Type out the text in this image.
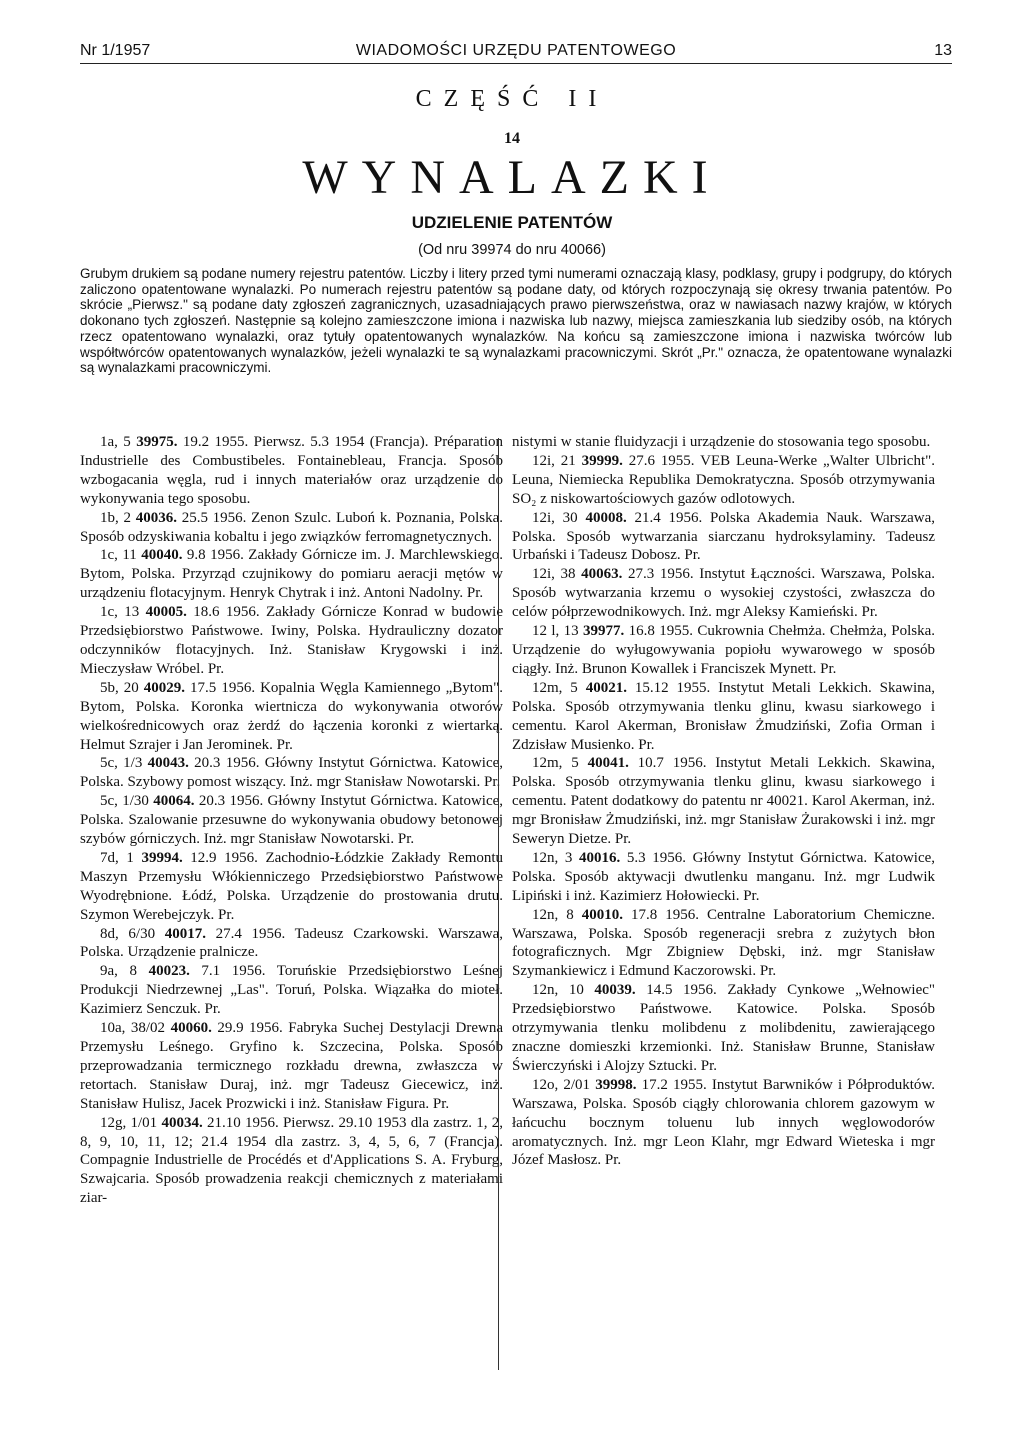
Nr 1/1957	WIADOMOŚCI URZĘDU PATENTOWEGO	13
CZĘŚĆ II
14
WYNALAZKI
UDZIELENIE PATENTÓW
(Od nru 39974 do nru 40066)
Grubym drukiem są podane numery rejestru patentów. Liczby i litery przed tymi numerami oznaczają klasy, podklasy, grupy i podgrupy, do których zaliczono opatentowane wynalazki. Po numerach rejestru patentów są podane daty, od których rozpoczynają się okresy trwania patentów. Po skrócie „Pierwsz." są podane daty zgłoszeń zagranicznych, uzasadniających prawo pierwszeństwa, oraz w nawiasach nazwy krajów, w których dokonano tych zgłoszeń. Następnie są kolejno zamieszczone imiona i nazwiska lub nazwy, miejsca zamieszkania lub siedziby osób, na których rzecz opatentowano wynalazki, oraz tytuły opatentowanych wynalazków. Na końcu są zamieszczone imiona i nazwiska twórców lub współtwórców opatentowanych wynalazków, jeżeli wynalazki te są wynalazkami pracowniczymi. Skrót „Pr." oznacza, że opatentowane wynalazki są wynalazkami pracowniczymi.

1a, 5 39975. 19.2 1955. Pierwsz. 5.3 1954 (Francja). Préparation Industrielle des Combustibeles. Fontainebleau, Francja. Sposób wzbogacania węgla, rud i innych materiałów oraz urządzenie do wykonywania tego sposobu.

1b, 2 40036. 25.5 1956. Zenon Szulc. Luboń k. Poznania, Polska. Sposób odzyskiwania kobaltu i jego związków ferromagnetycznych.

1c, 11 40040. 9.8 1956. Zakłady Górnicze im. J. Marchlewskiego. Bytom, Polska. Przyrząd czujnikowy do pomiaru aeracji mętów w urządzeniu flotacyjnym. Henryk Chytrak i inż. Antoni Nadolny. Pr.

1c, 13 40005. 18.6 1956. Zakłady Górnicze Konrad w budowie Przedsiębiorstwo Państwowe. Iwiny, Polska. Hydrauliczny dozator odczynników flotacyjnych. Inż. Stanisław Krygowski i inż. Mieczysław Wróbel. Pr.

5b, 20 40029. 17.5 1956. Kopalnia Węgla Kamiennego „Bytom". Bytom, Polska. Koronka wiertnicza do wykonywania otworów wielkośrednicowych oraz żerdź do łączenia koronki z wiertarką. Helmut Szrajer i Jan Jerominek. Pr.

5c, 1/3 40043. 20.3 1956. Główny Instytut Górnictwa. Katowice, Polska. Szybowy pomost wiszący. Inż. mgr Stanisław Nowotarski. Pr.

5c, 1/30 40064. 20.3 1956. Główny Instytut Górnictwa. Katowice, Polska. Szalowanie przesuwne do wykonywania obudowy betonowej szybów górniczych. Inż. mgr Stanisław Nowotarski. Pr.

7d, 1 39994. 12.9 1956. Zachodnio-Łódzkie Zakłady Remontu Maszyn Przemysłu Włókienniczego Przedsiębiorstwo Państwowe Wyodrębnione. Łódź, Polska. Urządzenie do prostowania drutu. Szymon Werebejczyk. Pr.

8d, 6/30 40017. 27.4 1956. Tadeusz Czarkowski. Warszawa, Polska. Urządzenie pralnicze.

9a, 8 40023. 7.1 1956. Toruńskie Przedsiębiorstwo Leśnej Produkcji Niedrzewnej „Las". Toruń, Polska. Wiązałka do mioteł. Kazimierz Senczuk. Pr.

10a, 38/02 40060. 29.9 1956. Fabryka Suchej Destylacji Drewna Przemysłu Leśnego. Gryfino k. Szczecina, Polska. Sposób przeprowadzania termicznego rozkładu drewna, zwłaszcza w retortach. Stanisław Duraj, inż. mgr Tadeusz Giecewicz, inż. Stanisław Hulisz, Jacek Prozwicki i inż. Stanisław Figura. Pr.

12g, 1/01 40034. 21.10 1956. Pierwsz. 29.10 1953 dla zastrz. 1, 2, 8, 9, 10, 11, 12; 21.4 1954 dla zastrz. 3, 4, 5, 6, 7 (Francja). Compagnie Industrielle de Procédés et d'Applications S. A. Fryburg, Szwajcaria. Sposób prowadzenia reakcji chemicznych z materiałami ziar-

nistymi w stanie fluidyzacji i urządzenie do stosowania tego sposobu.

12i, 21 39999. 27.6 1955. VEB Leuna-Werke „Walter Ulbricht". Leuna, Niemiecka Republika Demokratyczna. Sposób otrzymywania SO₂ z niskowartościowych gazów odlotowych.

12i, 30 40008. 21.4 1956. Polska Akademia Nauk. Warszawa, Polska. Sposób wytwarzania siarczanu hydroksylaminy. Tadeusz Urbański i Tadeusz Dobosz. Pr.

12i, 38 40063. 27.3 1956. Instytut Łączności. Warszawa, Polska. Sposób wytwarzania krzemu o wysokiej czystości, zwłaszcza do celów półprzewodnikowych. Inż. mgr Aleksy Kamieński. Pr.

12 l, 13 39977. 16.8 1955. Cukrownia Chełmża. Chełmża, Polska. Urządzenie do wyługowywania popiołu wywarowego w sposób ciągły. Inż. Brunon Kowallek i Franciszek Mynett. Pr.

12m, 5 40021. 15.12 1955. Instytut Metali Lekkich. Skawina, Polska. Sposób otrzymywania tlenku glinu, kwasu siarkowego i cementu. Karol Akerman, Bronisław Żmudziński, Zofia Orman i Zdzisław Musienko. Pr.

12m, 5 40041. 10.7 1956. Instytut Metali Lekkich. Skawina, Polska. Sposób otrzymywania tlenku glinu, kwasu siarkowego i cementu. Patent dodatkowy do patentu nr 40021. Karol Akerman, inż. mgr Bronisław Żmudziński, inż. mgr Stanisław Żurakowski i inż. mgr Seweryn Dietze. Pr.

12n, 3 40016. 5.3 1956. Główny Instytut Górnictwa. Katowice, Polska. Sposób aktywacji dwutlenku manganu. Inż. mgr Ludwik Lipiński i inż. Kazimierz Hołowiecki. Pr.

12n, 8 40010. 17.8 1956. Centralne Laboratorium Chemiczne. Warszawa, Polska. Sposób regeneracji srebra z zużytych błon fotograficznych. Mgr Zbigniew Dębski, inż. mgr Stanisław Szymankiewicz i Edmund Kaczorowski. Pr.

12n, 10 40039. 14.5 1956. Zakłady Cynkowe „Wełnowiec" Przedsiębiorstwo Państwowe. Katowice. Polska. Sposób otrzymywania tlenku molibdenu z molibdenitu, zawierającego znaczne domieszki krzemionki. Inż. Stanisław Brunne, Stanisław Świerczyński i Alojzy Sztucki. Pr.

12o, 2/01 39998. 17.2 1955. Instytut Barwników i Półproduktów. Warszawa, Polska. Sposób ciągły chlorowania chlorem gazowym w łańcuchu bocznym toluenu lub innych węglowodorów aromatycznych. Inż. mgr Leon Klahr, mgr Edward Wieteska i mgr Józef Masłosz. Pr.
